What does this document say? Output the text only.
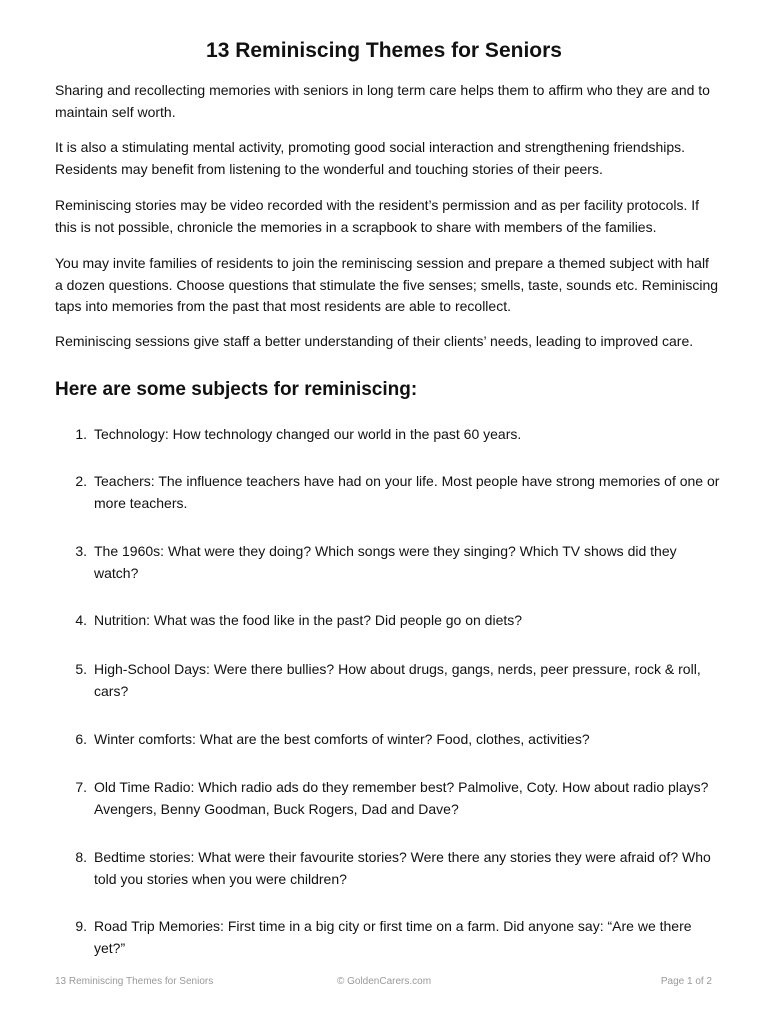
13 Reminiscing Themes for Seniors

Sharing and recollecting memories with seniors in long term care helps them to affirm who they are and to maintain self worth.

It is also a stimulating mental activity, promoting good social interaction and strengthening friendships. Residents may benefit from listening to the wonderful and touching stories of their peers.

Reminiscing stories may be video recorded with the resident’s permission and as per facility protocols. If this is not possible, chronicle the memories in a scrapbook to share with members of the families.

You may invite families of residents to join the reminiscing session and prepare a themed subject with half a dozen questions. Choose questions that stimulate the five senses; smells, taste, sounds etc. Reminiscing taps into memories from the past that most residents are able to recollect.

Reminiscing sessions give staff a better understanding of their clients’ needs, leading to improved care.

Here are some subjects for reminiscing:
1. Technology: How technology changed our world in the past 60 years.
2. Teachers: The influence teachers have had on your life. Most people have strong memories of one or more teachers.
3. The 1960s: What were they doing? Which songs were they singing? Which TV shows did they watch?
4. Nutrition: What was the food like in the past? Did people go on diets?
5. High-School Days: Were there bullies? How about drugs, gangs, nerds, peer pressure, rock & roll, cars?
6. Winter comforts: What are the best comforts of winter? Food, clothes, activities?
7. Old Time Radio: Which radio ads do they remember best? Palmolive, Coty. How about radio plays? Avengers, Benny Goodman, Buck Rogers, Dad and Dave?
8. Bedtime stories: What were their favourite stories? Were there any stories they were afraid of? Who told you stories when you were children?
9. Road Trip Memories: First time in a big city or first time on a farm. Did anyone say: “Are we there yet?”
© GoldenCarers.com
13 Reminiscing Themes for Seniors	Page 1 of 2
